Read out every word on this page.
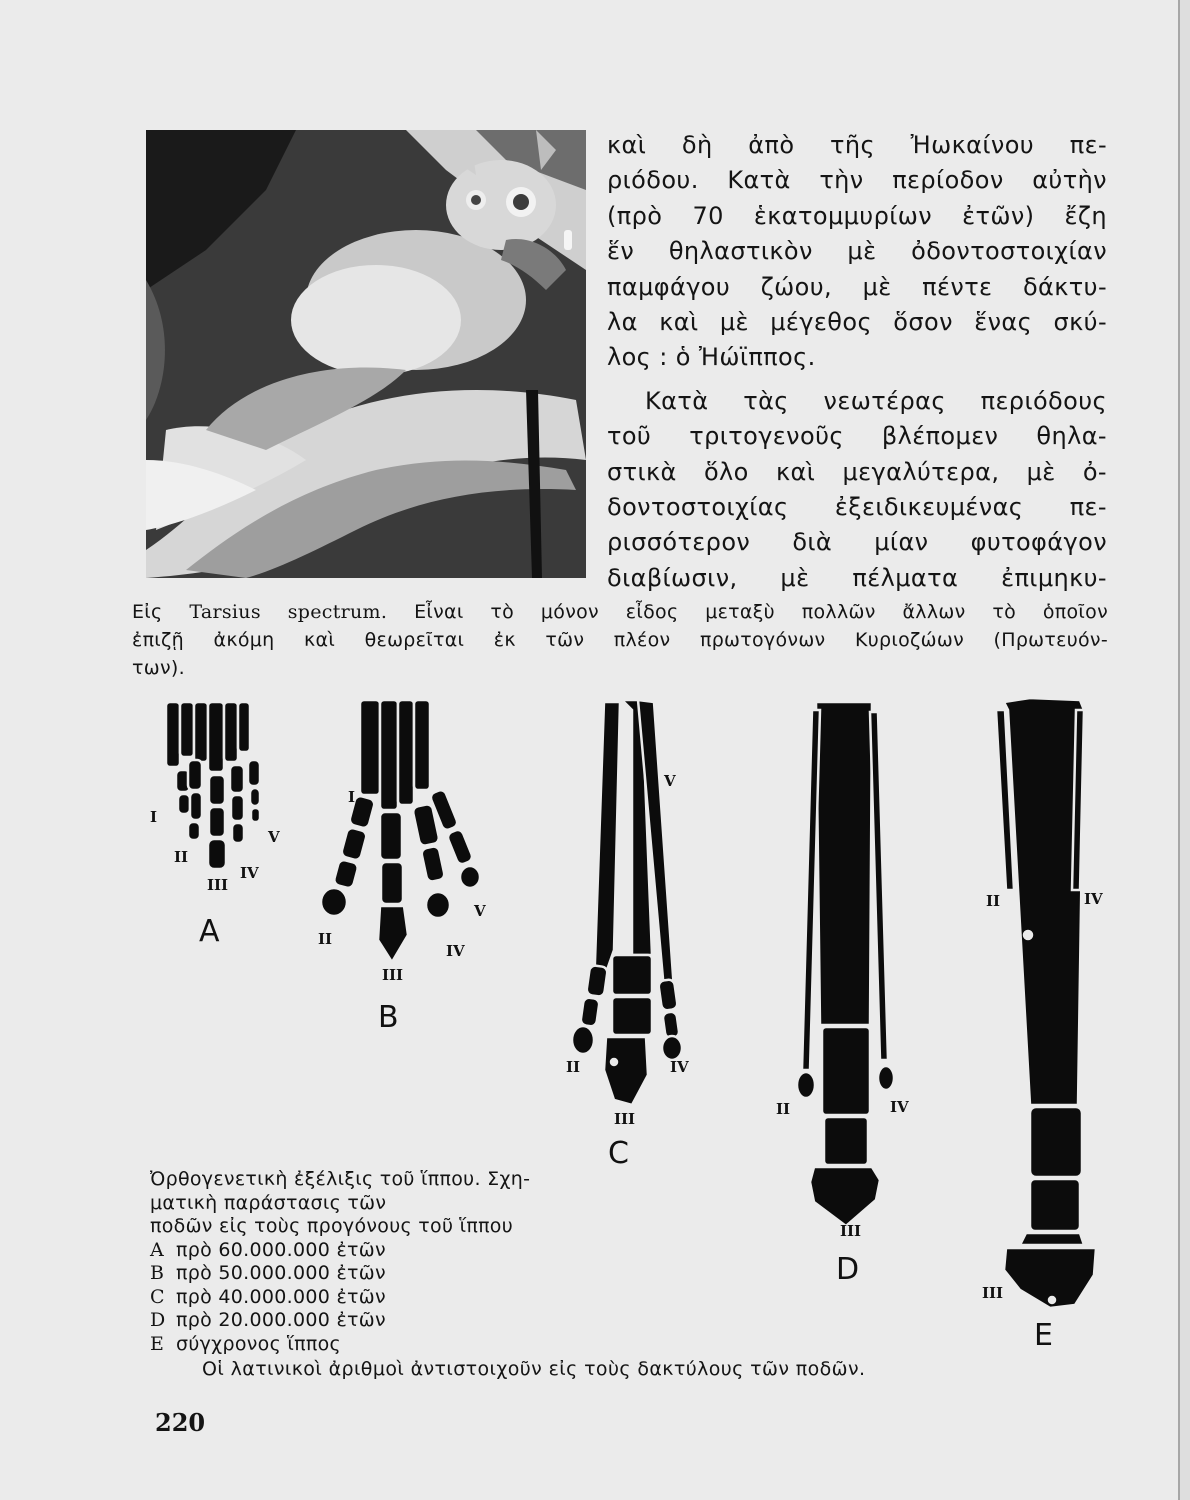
καὶ δὴ ἀπὸ τῆς Ἠωκαίνου πε-
ριόδου. Κατὰ τὴν περίοδον αὐτὴν
(πρὸ 70 ἑκατομμυρίων ἐτῶν) ἔζη
ἕν θηλαστικὸν μὲ ὀδοντοστοιχίαν
παμφάγου ζώου, μὲ πέντε δάκτυ-
λα καὶ μὲ μέγεθος ὅσον ἕνας σκύ-
λος : ὁ Ἠώϊππος.
Κατὰ τὰς νεωτέρας περιόδους
τοῦ τριτογενοῦς βλέπομεν θηλα-
στικὰ ὅλο καὶ μεγαλύτερα, μὲ ὀ-
δοντοστοιχίας ἐξειδικευμένας πε-
ρισσότερον διὰ μίαν φυτοφάγον
διαβίωσιν, μὲ πέλματα ἐπιμηκυ-
Εἰς Tarsius spectrum. Εἶναι τὸ μόνον εἶδος μεταξὺ πολλῶν ἄλλων τὸ ὁποῖον
ἐπιζῇ ἀκόμη καὶ θεωρεῖται ἐκ τῶν πλέον πρωτογόνων Κυριοζώων (Πρωτευόν-
των).
I
II
III
IV
V
A
I
II
III
IV
V
B
V
II
III
IV
C
II	IV
III
D
II	IV
III
E
Ὀρθογενετικὴ ἐξέλιξις τοῦ ἵππου. Σχη-
ματικὴ παράστασις τῶν
ποδῶν εἰς τοὺς προγόνους τοῦ ἵππου
A πρὸ 60.000.000 ἐτῶν
B πρὸ 50.000.000 ἐτῶν
C πρὸ 40.000.000 ἐτῶν
D πρὸ 20.000.000 ἐτῶν
E σύγχρονος ἵππος
Οἱ λατινικοὶ ἀριθμοὶ ἀντιστοιχοῦν εἰς τοὺς δακτύλους τῶν ποδῶν.
220
